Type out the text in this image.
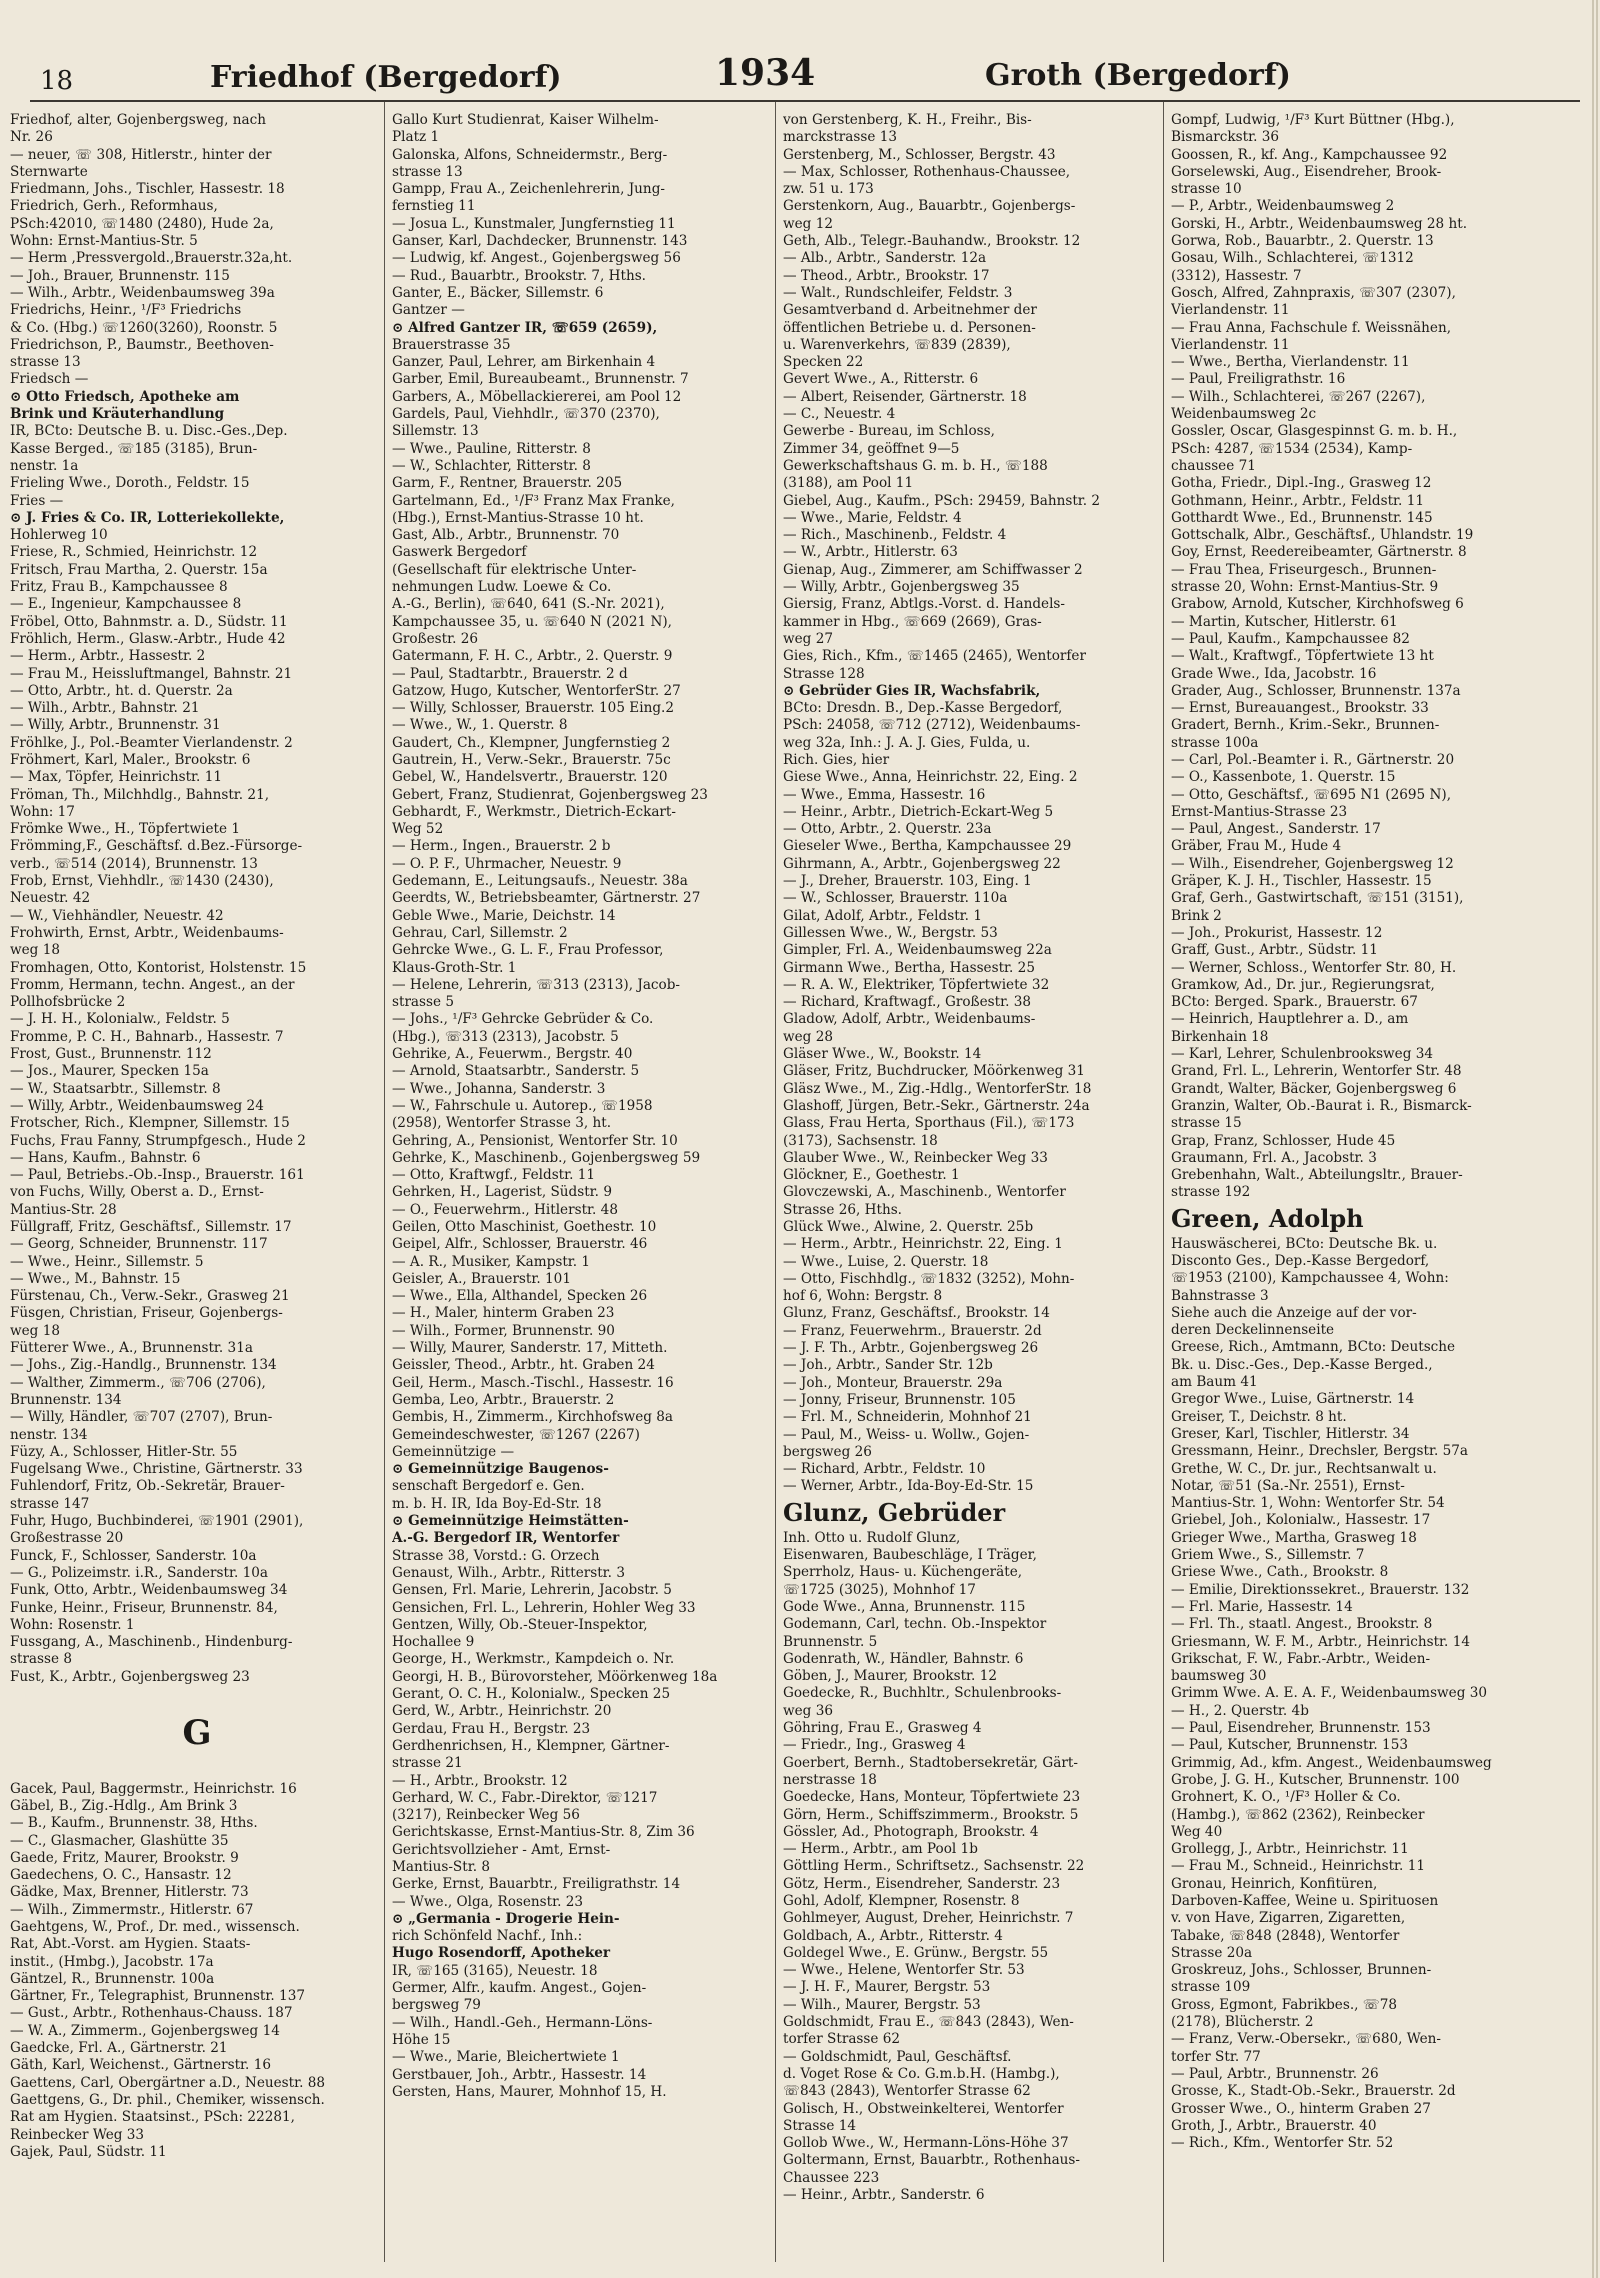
18	Friedhof (Bergedorf)	1934	Groth (Bergedorf)
Friedhof, alter, Gojenbergsweg, nach
Nr. 26
— neuer, ☏ 308, Hitlerstr., hinter der
Sternwarte
Friedmann, Johs., Tischler, Hassestr. 18
Friedrich, Gerh., Reformhaus,
PSch:42010, ☏1480 (2480), Hude 2a,
Wohn: Ernst-Mantius-Str. 5
— Herm ,Pressvergold.,Brauerstr.32a,ht.
— Joh., Brauer, Brunnenstr. 115
— Wilh., Arbtr., Weidenbaumsweg 39a
Friedrichs, Heinr., ¹/F³ Friedrichs
& Co. (Hbg.) ☏1260(3260), Roonstr. 5
Friedrichson, P., Baumstr., Beethoven-
strasse 13
Friedsch —
⊙ Otto Friedsch, Apotheke am
Brink und Kräuterhandlung
IR, BCto: Deutsche B. u. Disc.-Ges.,Dep.
Kasse Berged., ☏185 (3185), Brun-
nenstr. 1a
Frieling Wwe., Doroth., Feldstr. 15
Fries —
⊙ J. Fries & Co. IR, Lotteriekollekte,
Hohlerweg 10
Friese, R., Schmied, Heinrichstr. 12
Fritsch, Frau Martha, 2. Querstr. 15a
Fritz, Frau B., Kampchaussee 8
— E., Ingenieur, Kampchaussee 8
Fröbel, Otto, Bahnmstr. a. D., Südstr. 11
Fröhlich, Herm., Glasw.-Arbtr., Hude 42
— Herm., Arbtr., Hassestr. 2
— Frau M., Heissluftmangel, Bahnstr. 21
— Otto, Arbtr., ht. d. Querstr. 2a
— Wilh., Arbtr., Bahnstr. 21
— Willy, Arbtr., Brunnenstr. 31
Fröhlke, J., Pol.-Beamter Vierlandenstr. 2
Fröhmert, Karl, Maler., Brookstr. 6
— Max, Töpfer, Heinrichstr. 11
Fröman, Th., Milchhdlg., Bahnstr. 21,
Wohn: 17
Frömke Wwe., H., Töpfertwiete 1
Frömming,F., Geschäftsf. d.Bez.-Fürsorge-
verb., ☏514 (2014), Brunnenstr. 13
Frob, Ernst, Viehhdlr., ☏1430 (2430),
Neuestr. 42
— W., Viehhändler, Neuestr. 42
Frohwirth, Ernst, Arbtr., Weidenbaums-
weg 18
Fromhagen, Otto, Kontorist, Holstenstr. 15
Fromm, Hermann, techn. Angest., an der
Pollhofsbrücke 2
— J. H. H., Kolonialw., Feldstr. 5
Fromme, P. C. H., Bahnarb., Hassestr. 7
Frost, Gust., Brunnenstr. 112
— Jos., Maurer, Specken 15a
— W., Staatsarbtr., Sillemstr. 8
— Willy, Arbtr., Weidenbaumsweg 24
Frotscher, Rich., Klempner, Sillemstr. 15
Fuchs, Frau Fanny, Strumpfgesch., Hude 2
— Hans, Kaufm., Bahnstr. 6
— Paul, Betriebs.-Ob.-Insp., Brauerstr. 161
von Fuchs, Willy, Oberst a. D., Ernst-
Mantius-Str. 28
Füllgraff, Fritz, Geschäftsf., Sillemstr. 17
— Georg, Schneider, Brunnenstr. 117
— Wwe., Heinr., Sillemstr. 5
— Wwe., M., Bahnstr. 15
Fürstenau, Ch., Verw.-Sekr., Grasweg 21
Füsgen, Christian, Friseur, Gojenbergs-
weg 18
Fütterer Wwe., A., Brunnenstr. 31a
— Johs., Zig.-Handlg., Brunnenstr. 134
— Walther, Zimmerm., ☏706 (2706),
Brunnenstr. 134
— Willy, Händler, ☏707 (2707), Brun-
nenstr. 134
Füzy, A., Schlosser, Hitler-Str. 55
Fugelsang Wwe., Christine, Gärtnerstr. 33
Fuhlendorf, Fritz, Ob.-Sekretär, Brauer-
strasse 147
Fuhr, Hugo, Buchbinderei, ☏1901 (2901),
Großestrasse 20
Funck, F., Schlosser, Sanderstr. 10a
— G., Polizeimstr. i.R., Sanderstr. 10a
Funk, Otto, Arbtr., Weidenbaumsweg 34
Funke, Heinr., Friseur, Brunnenstr. 84,
Wohn: Rosenstr. 1
Fussgang, A., Maschinenb., Hindenburg-
strasse 8
Fust, K., Arbtr., Gojenbergsweg 23
G
Gacek, Paul, Baggermstr., Heinrichstr. 16
Gäbel, B., Zig.-Hdlg., Am Brink 3
— B., Kaufm., Brunnenstr. 38, Hths.
— C., Glasmacher, Glashütte 35
Gaede, Fritz, Maurer, Brookstr. 9
Gaedechens, O. C., Hansastr. 12
Gädke, Max, Brenner, Hitlerstr. 73
— Wilh., Zimmermstr., Hitlerstr. 67
Gaehtgens, W., Prof., Dr. med., wissensch.
Rat, Abt.-Vorst. am Hygien. Staats-
instit., (Hmbg.), Jacobstr. 17a
Gäntzel, R., Brunnenstr. 100a
Gärtner, Fr., Telegraphist, Brunnenstr. 137
— Gust., Arbtr., Rothenhaus-Chauss. 187
— W. A., Zimmerm., Gojenbergsweg 14
Gaedcke, Frl. A., Gärtnerstr. 21
Gäth, Karl, Weichenst., Gärtnerstr. 16
Gaettens, Carl, Obergärtner a.D., Neuestr. 88
Gaettgens, G., Dr. phil., Chemiker, wissensch.
Rat am Hygien. Staatsinst., PSch: 22281,
Reinbecker Weg 33
Gajek, Paul, Südstr. 11
Gallo Kurt Studienrat, Kaiser Wilhelm-
Platz 1
Galonska, Alfons, Schneidermstr., Berg-
strasse 13
Gampp, Frau A., Zeichenlehrerin, Jung-
fernstieg 11
— Josua L., Kunstmaler, Jungfernstieg 11
Ganser, Karl, Dachdecker, Brunnenstr. 143
— Ludwig, kf. Angest., Gojenbergsweg 56
— Rud., Bauarbtr., Brookstr. 7, Hths.
Ganter, E., Bäcker, Sillemstr. 6
Gantzer —
⊙ Alfred Gantzer IR, ☏659 (2659),
Brauerstrasse 35
Ganzer, Paul, Lehrer, am Birkenhain 4
Garber, Emil, Bureaubeamt., Brunnenstr. 7
Garbers, A., Möbellackiererei, am Pool 12
Gardels, Paul, Viehhdlr., ☏370 (2370),
Sillemstr. 13
— Wwe., Pauline, Ritterstr. 8
— W., Schlachter, Ritterstr. 8
Garm, F., Rentner, Brauerstr. 205
Gartelmann, Ed., ¹/F³ Franz Max Franke,
(Hbg.), Ernst-Mantius-Strasse 10 ht.
Gast, Alb., Arbtr., Brunnenstr. 70
Gaswerk Bergedorf
(Gesellschaft für elektrische Unter-
nehmungen Ludw. Loewe & Co.
A.-G., Berlin), ☏640, 641 (S.-Nr. 2021),
Kampchaussee 35, u. ☏640 N (2021 N),
Großestr. 26
Gatermann, F. H. C., Arbtr., 2. Querstr. 9
— Paul, Stadtarbtr., Brauerstr. 2 d
Gatzow, Hugo, Kutscher, WentorferStr. 27
— Willy, Schlosser, Brauerstr. 105 Eing.2
— Wwe., W., 1. Querstr. 8
Gaudert, Ch., Klempner, Jungfernstieg 2
Gautrein, H., Verw.-Sekr., Brauerstr. 75c
Gebel, W., Handelsvertr., Brauerstr. 120
Gebert, Franz, Studienrat, Gojenbergsweg 23
Gebhardt, F., Werkmstr., Dietrich-Eckart-
Weg 52
— Herm., Ingen., Brauerstr. 2 b
— O. P. F., Uhrmacher, Neuestr. 9
Gedemann, E., Leitungsaufs., Neuestr. 38a
Geerdts, W., Betriebsbeamter, Gärtnerstr. 27
Geble Wwe., Marie, Deichstr. 14
Gehrau, Carl, Sillemstr. 2
Gehrcke Wwe., G. L. F., Frau Professor,
Klaus-Groth-Str. 1
— Helene, Lehrerin, ☏313 (2313), Jacob-
strasse 5
— Johs., ¹/F³ Gehrcke Gebrüder & Co.
(Hbg.), ☏313 (2313), Jacobstr. 5
Gehrike, A., Feuerwm., Bergstr. 40
— Arnold, Staatsarbtr., Sanderstr. 5
— Wwe., Johanna, Sanderstr. 3
— W., Fahrschule u. Autorep., ☏1958
(2958), Wentorfer Strasse 3, ht.
Gehring, A., Pensionist, Wentorfer Str. 10
Gehrke, K., Maschinenb., Gojenbergsweg 59
— Otto, Kraftwgf., Feldstr. 11
Gehrken, H., Lagerist, Südstr. 9
— O., Feuerwehrm., Hitlerstr. 48
Geilen, Otto Maschinist, Goethestr. 10
Geipel, Alfr., Schlosser, Brauerstr. 46
— A. R., Musiker, Kampstr. 1
Geisler, A., Brauerstr. 101
— Wwe., Ella, Althandel, Specken 26
— H., Maler, hinterm Graben 23
— Wilh., Former, Brunnenstr. 90
— Willy, Maurer, Sanderstr. 17, Mitteth.
Geissler, Theod., Arbtr., ht. Graben 24
Geil, Herm., Masch.-Tischl., Hassestr. 16
Gemba, Leo, Arbtr., Brauerstr. 2
Gembis, H., Zimmerm., Kirchhofsweg 8a
Gemeindeschwester, ☏1267 (2267)
Gemeinnützige —
⊙ Gemeinnützige Baugenos-
senschaft Bergedorf e. Gen.
m. b. H. IR, Ida Boy-Ed-Str. 18
⊙ Gemeinnützige Heimstätten-
A.-G. Bergedorf IR, Wentorfer
Strasse 38, Vorstd.: G. Orzech
Genaust, Wilh., Arbtr., Ritterstr. 3
Gensen, Frl. Marie, Lehrerin, Jacobstr. 5
Gensichen, Frl. L., Lehrerin, Hohler Weg 33
Gentzen, Willy, Ob.-Steuer-Inspektor,
Hochallee 9
George, H., Werkmstr., Kampdeich o. Nr.
Georgi, H. B., Bürovorsteher, Möörkenweg 18a
Gerant, O. C. H., Kolonialw., Specken 25
Gerd, W., Arbtr., Heinrichstr. 20
Gerdau, Frau H., Bergstr. 23
Gerdhenrichsen, H., Klempner, Gärtner-
strasse 21
— H., Arbtr., Brookstr. 12
Gerhard, W. C., Fabr.-Direktor, ☏1217
(3217), Reinbecker Weg 56
Gerichtskasse, Ernst-Mantius-Str. 8, Zim 36
Gerichtsvollzieher - Amt, Ernst-
Mantius-Str. 8
Gerke, Ernst, Bauarbtr., Freiligrathstr. 14
— Wwe., Olga, Rosenstr. 23
⊙ „Germania - Drogerie Hein-
rich Schönfeld Nachf., Inh.:
Hugo Rosendorff, Apotheker
IR, ☏165 (3165), Neuestr. 18
Germer, Alfr., kaufm. Angest., Gojen-
bergsweg 79
— Wilh., Handl.-Geh., Hermann-Löns-
Höhe 15
— Wwe., Marie, Bleichertwiete 1
Gerstbauer, Joh., Arbtr., Hassestr. 14
Gersten, Hans, Maurer, Mohnhof 15, H.
von Gerstenberg, K. H., Freihr., Bis-
marckstrasse 13
Gerstenberg, M., Schlosser, Bergstr. 43
— Max, Schlosser, Rothenhaus-Chaussee,
zw. 51 u. 173
Gerstenkorn, Aug., Bauarbtr., Gojenbergs-
weg 12
Geth, Alb., Telegr.-Bauhandw., Brookstr. 12
— Alb., Arbtr., Sanderstr. 12a
— Theod., Arbtr., Brookstr. 17
— Walt., Rundschleifer, Feldstr. 3
Gesamtverband d. Arbeitnehmer der
öffentlichen Betriebe u. d. Personen-
u. Warenverkehrs, ☏839 (2839),
Specken 22
Gevert Wwe., A., Ritterstr. 6
— Albert, Reisender, Gärtnerstr. 18
— C., Neuestr. 4
Gewerbe - Bureau, im Schloss,
Zimmer 34, geöffnet 9—5
Gewerkschaftshaus G. m. b. H., ☏188
(3188), am Pool 11
Giebel, Aug., Kaufm., PSch: 29459, Bahnstr. 2
— Wwe., Marie, Feldstr. 4
— Rich., Maschinenb., Feldstr. 4
— W., Arbtr., Hitlerstr. 63
Gienap, Aug., Zimmerer, am Schiffwasser 2
— Willy, Arbtr., Gojenbergsweg 35
Giersig, Franz, Abtlgs.-Vorst. d. Handels-
kammer in Hbg., ☏669 (2669), Gras-
weg 27
Gies, Rich., Kfm., ☏1465 (2465), Wentorfer
Strasse 128
⊙ Gebrüder Gies IR, Wachsfabrik,
BCto: Dresdn. B., Dep.-Kasse Bergedorf,
PSch: 24058, ☏712 (2712), Weidenbaums-
weg 32a, Inh.: J. A. J. Gies, Fulda, u.
Rich. Gies, hier
Giese Wwe., Anna, Heinrichstr. 22, Eing. 2
— Wwe., Emma, Hassestr. 16
— Heinr., Arbtr., Dietrich-Eckart-Weg 5
— Otto, Arbtr., 2. Querstr. 23a
Gieseler Wwe., Bertha, Kampchaussee 29
Gihrmann, A., Arbtr., Gojenbergsweg 22
— J., Dreher, Brauerstr. 103, Eing. 1
— W., Schlosser, Brauerstr. 110a
Gilat, Adolf, Arbtr., Feldstr. 1
Gillessen Wwe., W., Bergstr. 53
Gimpler, Frl. A., Weidenbaumsweg 22a
Girmann Wwe., Bertha, Hassestr. 25
— R. A. W., Elektriker, Töpfertwiete 32
— Richard, Kraftwagf., Großestr. 38
Gladow, Adolf, Arbtr., Weidenbaums-
weg 28
Gläser Wwe., W., Bookstr. 14
Gläser, Fritz, Buchdrucker, Möörkenweg 31
Gläsz Wwe., M., Zig.-Hdlg., WentorferStr. 18
Glashoff, Jürgen, Betr.-Sekr., Gärtnerstr. 24a
Glass, Frau Herta, Sporthaus (Fil.), ☏173
(3173), Sachsenstr. 18
Glauber Wwe., W., Reinbecker Weg 33
Glöckner, E., Goethestr. 1
Glovczewski, A., Maschinenb., Wentorfer
Strasse 26, Hths.
Glück Wwe., Alwine, 2. Querstr. 25b
— Herm., Arbtr., Heinrichstr. 22, Eing. 1
— Wwe., Luise, 2. Querstr. 18
— Otto, Fischhdlg., ☏1832 (3252), Mohn-
hof 6, Wohn: Bergstr. 8
Glunz, Franz, Geschäftsf., Brookstr. 14
— Franz, Feuerwehrm., Brauerstr. 2d
— J. F. Th., Arbtr., Gojenbergsweg 26
— Joh., Arbtr., Sander Str. 12b
— Joh., Monteur, Brauerstr. 29a
— Jonny, Friseur, Brunnenstr. 105
— Frl. M., Schneiderin, Mohnhof 21
— Paul, M., Weiss- u. Wollw., Gojen-
bergsweg 26
— Richard, Arbtr., Feldstr. 10
— Werner, Arbtr., Ida-Boy-Ed-Str. 15
Glunz, Gebrüder
Inh. Otto u. Rudolf Glunz,
Eisenwaren, Baubeschläge, I Träger,
Sperrholz, Haus- u. Küchengeräte,
☏1725 (3025), Mohnhof 17
Gode Wwe., Anna, Brunnenstr. 115
Godemann, Carl, techn. Ob.-Inspektor
Brunnenstr. 5
Godenrath, W., Händler, Bahnstr. 6
Göben, J., Maurer, Brookstr. 12
Goedecke, R., Buchhltr., Schulenbrooks-
weg 36
Göhring, Frau E., Grasweg 4
— Friedr., Ing., Grasweg 4
Goerbert, Bernh., Stadtobersekretär, Gärt-
nerstrasse 18
Goedecke, Hans, Monteur, Töpfertwiete 23
Görn, Herm., Schiffszimmerm., Brookstr. 5
Gössler, Ad., Photograph, Brookstr. 4
— Herm., Arbtr., am Pool 1b
Göttling Herm., Schriftsetz., Sachsenstr. 22
Götz, Herm., Eisendreher, Sanderstr. 23
Gohl, Adolf, Klempner, Rosenstr. 8
Gohlmeyer, August, Dreher, Heinrichstr. 7
Goldbach, A., Arbtr., Ritterstr. 4
Goldegel Wwe., E. Grünw., Bergstr. 55
— Wwe., Helene, Wentorfer Str. 53
— J. H. F., Maurer, Bergstr. 53
— Wilh., Maurer, Bergstr. 53
Goldschmidt, Frau E., ☏843 (2843), Wen-
torfer Strasse 62
— Goldschmidt, Paul, Geschäftsf.
d. Voget Rose & Co. G.m.b.H. (Hambg.),
☏843 (2843), Wentorfer Strasse 62
Golisch, H., Obstweinkelterei, Wentorfer
Strasse 14
Gollob Wwe., W., Hermann-Löns-Höhe 37
Goltermann, Ernst, Bauarbtr., Rothenhaus-
Chaussee 223
— Heinr., Arbtr., Sanderstr. 6
Gompf, Ludwig, ¹/F³ Kurt Büttner (Hbg.),
Bismarckstr. 36
Goossen, R., kf. Ang., Kampchaussee 92
Gorselewski, Aug., Eisendreher, Brook-
strasse 10
— P., Arbtr., Weidenbaumsweg 2
Gorski, H., Arbtr., Weidenbaumsweg 28 ht.
Gorwa, Rob., Bauarbtr., 2. Querstr. 13
Gosau, Wilh., Schlachterei, ☏1312
(3312), Hassestr. 7
Gosch, Alfred, Zahnpraxis, ☏307 (2307),
Vierlandenstr. 11
— Frau Anna, Fachschule f. Weissnähen,
Vierlandenstr. 11
— Wwe., Bertha, Vierlandenstr. 11
— Paul, Freiligrathstr. 16
— Wilh., Schlachterei, ☏267 (2267),
Weidenbaumsweg 2c
Gossler, Oscar, Glasgespinnst G. m. b. H.,
PSch: 4287, ☏1534 (2534), Kamp-
chaussee 71
Gotha, Friedr., Dipl.-Ing., Grasweg 12
Gothmann, Heinr., Arbtr., Feldstr. 11
Gotthardt Wwe., Ed., Brunnenstr. 145
Gottschalk, Albr., Geschäftsf., Uhlandstr. 19
Goy, Ernst, Reedereibeamter, Gärtnerstr. 8
— Frau Thea, Friseurgesch., Brunnen-
strasse 20, Wohn: Ernst-Mantius-Str. 9
Grabow, Arnold, Kutscher, Kirchhofsweg 6
— Martin, Kutscher, Hitlerstr. 61
— Paul, Kaufm., Kampchaussee 82
— Walt., Kraftwgf., Töpfertwiete 13 ht
Grade Wwe., Ida, Jacobstr. 16
Grader, Aug., Schlosser, Brunnenstr. 137a
— Ernst, Bureauangest., Brookstr. 33
Gradert, Bernh., Krim.-Sekr., Brunnen-
strasse 100a
— Carl, Pol.-Beamter i. R., Gärtnerstr. 20
— O., Kassenbote, 1. Querstr. 15
— Otto, Geschäftsf., ☏695 N1 (2695 N),
Ernst-Mantius-Strasse 23
— Paul, Angest., Sanderstr. 17
Gräber, Frau M., Hude 4
— Wilh., Eisendreher, Gojenbergsweg 12
Gräper, K. J. H., Tischler, Hassestr. 15
Graf, Gerh., Gastwirtschaft, ☏151 (3151),
Brink 2
— Joh., Prokurist, Hassestr. 12
Graff, Gust., Arbtr., Südstr. 11
— Werner, Schloss., Wentorfer Str. 80, H.
Gramkow, Ad., Dr. jur., Regierungsrat,
BCto: Berged. Spark., Brauerstr. 67
— Heinrich, Hauptlehrer a. D., am
Birkenhain 18
— Karl, Lehrer, Schulenbrooksweg 34
Grand, Frl. L., Lehrerin, Wentorfer Str. 48
Grandt, Walter, Bäcker, Gojenbergsweg 6
Granzin, Walter, Ob.-Baurat i. R., Bismarck-
strasse 15
Grap, Franz, Schlosser, Hude 45
Graumann, Frl. A., Jacobstr. 3
Grebenhahn, Walt., Abteilungsltr., Brauer-
strasse 192
Green, Adolph
Hauswäscherei, BCto: Deutsche Bk. u.
Disconto Ges., Dep.-Kasse Bergedorf,
☏1953 (2100), Kampchaussee 4, Wohn:
Bahnstrasse 3
Siehe auch die Anzeige auf der vor-
deren Deckelinnenseite
Greese, Rich., Amtmann, BCto: Deutsche
Bk. u. Disc.-Ges., Dep.-Kasse Berged.,
am Baum 41
Gregor Wwe., Luise, Gärtnerstr. 14
Greiser, T., Deichstr. 8 ht.
Greser, Karl, Tischler, Hitlerstr. 34
Gressmann, Heinr., Drechsler, Bergstr. 57a
Grethe, W. C., Dr. jur., Rechtsanwalt u.
Notar, ☏51 (Sa.-Nr. 2551), Ernst-
Mantius-Str. 1, Wohn: Wentorfer Str. 54
Griebel, Joh., Kolonialw., Hassestr. 17
Grieger Wwe., Martha, Grasweg 18
Griem Wwe., S., Sillemstr. 7
Griese Wwe., Cath., Brookstr. 8
— Emilie, Direktionssekret., Brauerstr. 132
— Frl. Marie, Hassestr. 14
— Frl. Th., staatl. Angest., Brookstr. 8
Griesmann, W. F. M., Arbtr., Heinrichstr. 14
Grikschat, F. W., Fabr.-Arbtr., Weiden-
baumsweg 30
Grimm Wwe. A. E. A. F., Weidenbaumsweg 30
— H., 2. Querstr. 4b
— Paul, Eisendreher, Brunnenstr. 153
— Paul, Kutscher, Brunnenstr. 153
Grimmig, Ad., kfm. Angest., Weidenbaumsweg
Grobe, J. G. H., Kutscher, Brunnenstr. 100
Grohnert, K. O., ¹/F³ Holler & Co.
(Hambg.), ☏862 (2362), Reinbecker
Weg 40
Grollegg, J., Arbtr., Heinrichstr. 11
— Frau M., Schneid., Heinrichstr. 11
Gronau, Heinrich, Konfitüren,
Darboven-Kaffee, Weine u. Spirituosen
v. von Have, Zigarren, Zigaretten,
Tabake, ☏848 (2848), Wentorfer
Strasse 20a
Groskreuz, Johs., Schlosser, Brunnen-
strasse 109
Gross, Egmont, Fabrikbes., ☏78
(2178), Blücherstr. 2
— Franz, Verw.-Obersekr., ☏680, Wen-
torfer Str. 77
— Paul, Arbtr., Brunnenstr. 26
Grosse, K., Stadt-Ob.-Sekr., Brauerstr. 2d
Grosser Wwe., O., hinterm Graben 27
Groth, J., Arbtr., Brauerstr. 40
— Rich., Kfm., Wentorfer Str. 52
